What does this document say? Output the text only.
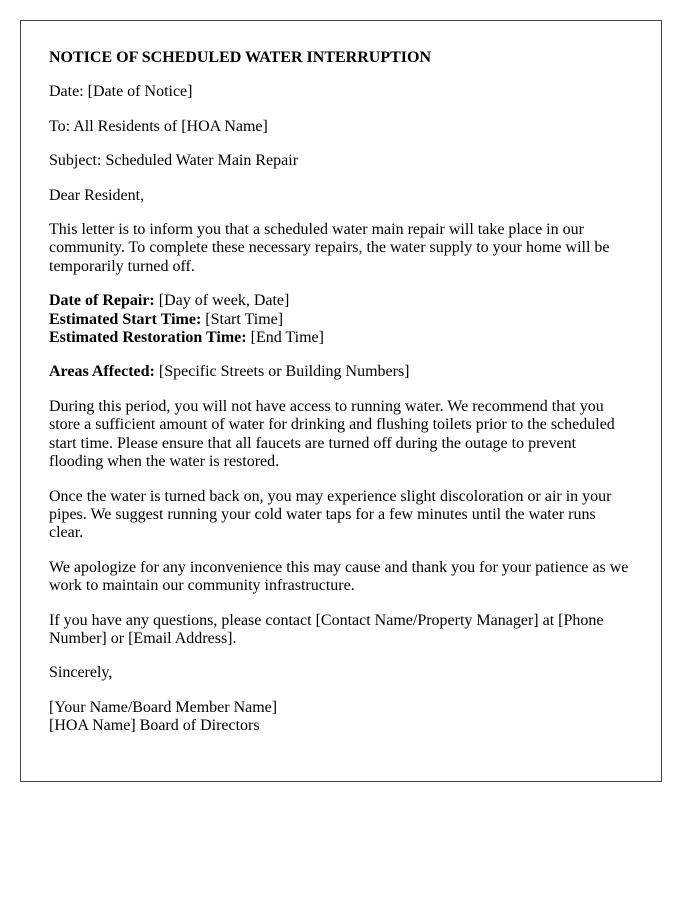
NOTICE OF SCHEDULED WATER INTERRUPTION

Date: [Date of Notice]

To: All Residents of [HOA Name]

Subject: Scheduled Water Main Repair

Dear Resident,

This letter is to inform you that a scheduled water main repair will take place in our community. To complete these necessary repairs, the water supply to your home will be temporarily turned off.

Date of Repair: [Day of week, Date]
Estimated Start Time: [Start Time]
Estimated Restoration Time: [End Time]

Areas Affected: [Specific Streets or Building Numbers]

During this period, you will not have access to running water. We recommend that you store a sufficient amount of water for drinking and flushing toilets prior to the scheduled start time. Please ensure that all faucets are turned off during the outage to prevent flooding when the water is restored.

Once the water is turned back on, you may experience slight discoloration or air in your pipes. We suggest running your cold water taps for a few minutes until the water runs clear.

We apologize for any inconvenience this may cause and thank you for your patience as we work to maintain our community infrastructure.

If you have any questions, please contact [Contact Name/Property Manager] at [Phone Number] or [Email Address].

Sincerely,

[Your Name/Board Member Name]
[HOA Name] Board of Directors
